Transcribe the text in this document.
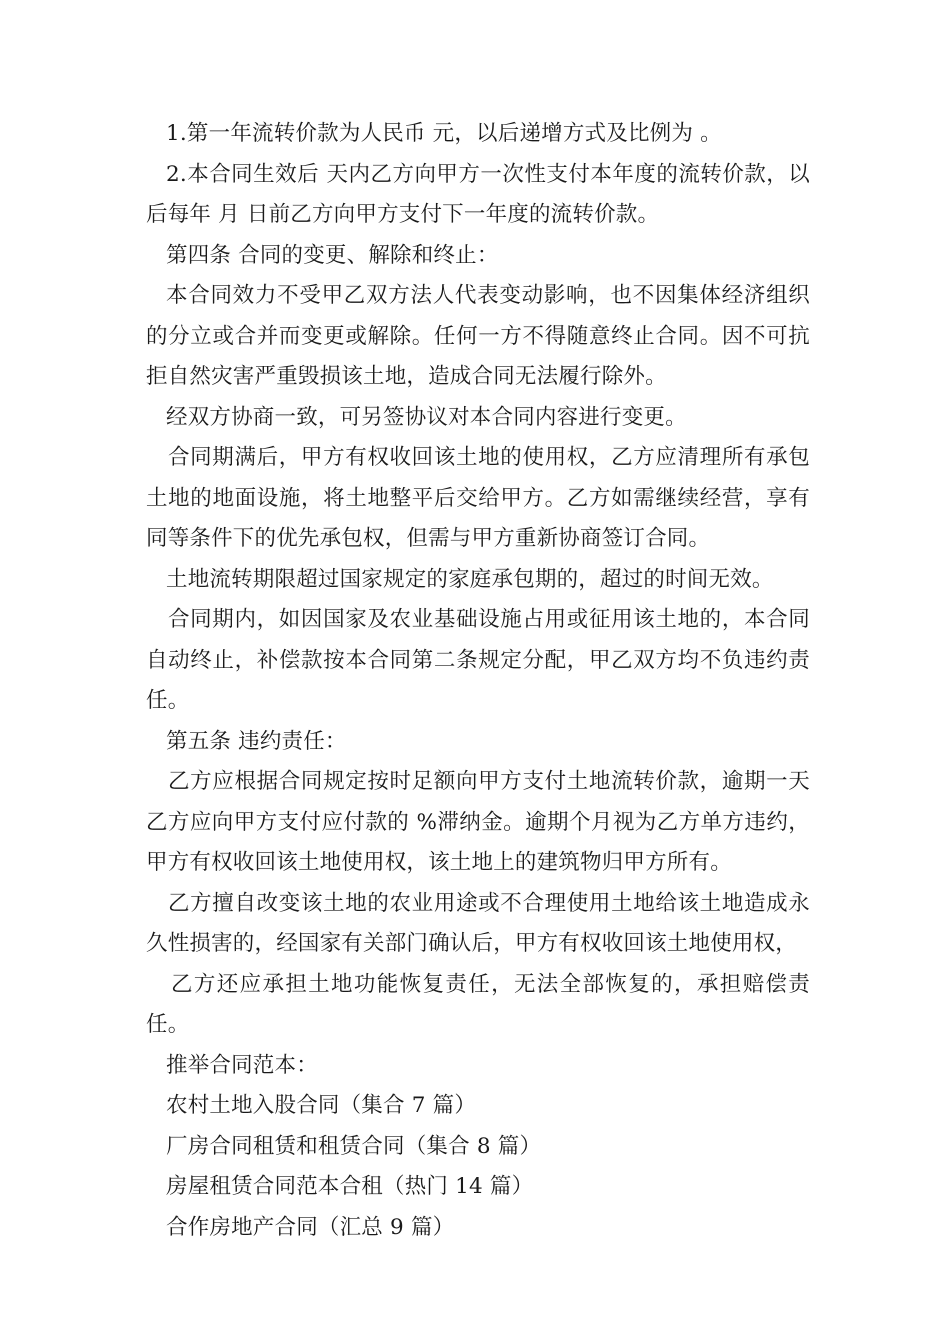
1.第一年流转价款为人民币 元，以后递增方式及比例为 。

2.本合同生效后 天内乙方向甲方一次性支付本年度的流转价款，以后每年 月 日前乙方向甲方支付下一年度的流转价款。

第四条 合同的变更、解除和终止：

本合同效力不受甲乙双方法人代表变动影响，也不因集体经济组织的分立或合并而变更或解除。任何一方不得随意终止合同。因不可抗拒自然灾害严重毁损该土地，造成合同无法履行除外。

经双方协商一致，可另签协议对本合同内容进行变更。

合同期满后，甲方有权收回该土地的使用权，乙方应清理所有承包土地的地面设施，将土地整平后交给甲方。乙方如需继续经营，享有同等条件下的优先承包权，但需与甲方重新协商签订合同。

土地流转期限超过国家规定的家庭承包期的，超过的时间无效。

合同期内，如因国家及农业基础设施占用或征用该土地的，本合同自动终止，补偿款按本合同第二条规定分配，甲乙双方均不负违约责任。

第五条 违约责任：

乙方应根据合同规定按时足额向甲方支付土地流转价款，逾期一天乙方应向甲方支付应付款的 %滞纳金。逾期个月视为乙方单方违约，甲方有权收回该土地使用权，该土地上的建筑物归甲方所有。

乙方擅自改变该土地的农业用途或不合理使用土地给该土地造成永久性损害的，经国家有关部门确认后，甲方有权收回该土地使用权，

乙方还应承担土地功能恢复责任，无法全部恢复的，承担赔偿责任。

推举合同范本：

农村土地入股合同（集合 7 篇）

厂房合同租赁和租赁合同（集合 8 篇）

房屋租赁合同范本合租（热门 14 篇）

合作房地产合同（汇总 9 篇）
